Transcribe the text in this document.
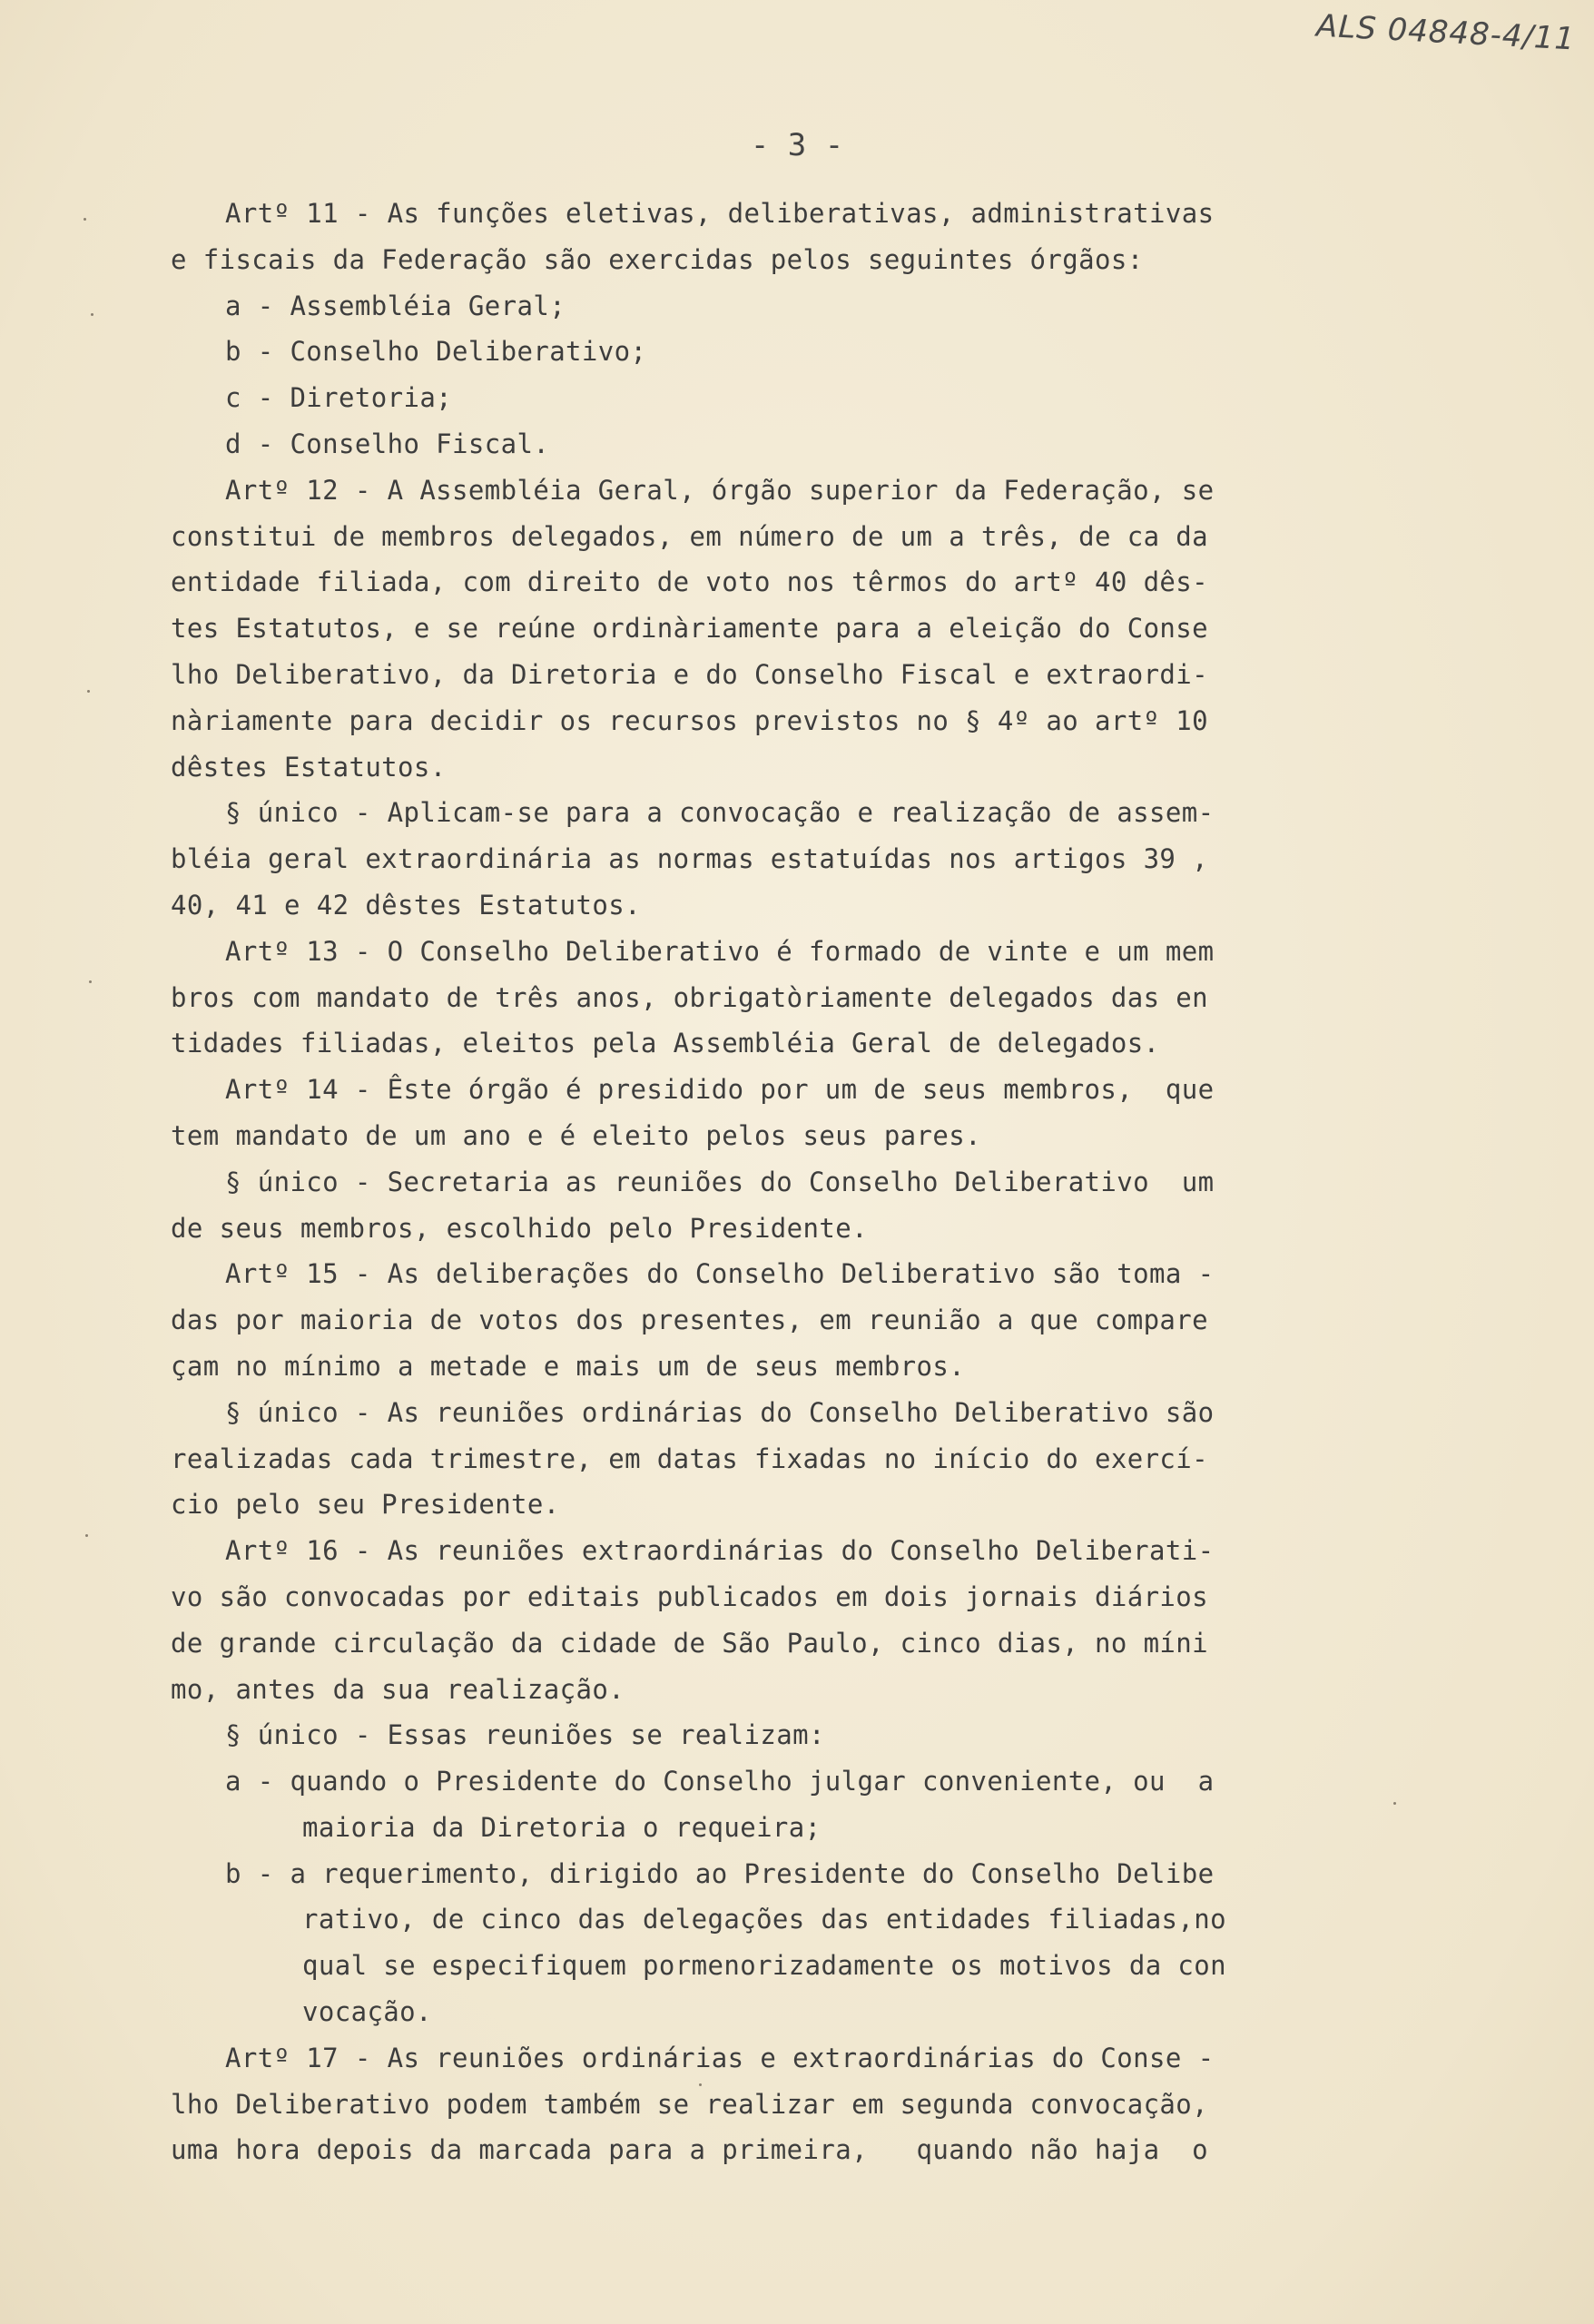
ALS 04848-4/11
- 3 -
Artº 11 - As funções eletivas, deliberativas, administrativas
e fiscais da Federação são exercidas pelos seguintes órgãos:
a - Assembléia Geral;
b - Conselho Deliberativo;
c - Diretoria;
d - Conselho Fiscal.
Artº 12 - A Assembléia Geral, órgão superior da Federação, se
constitui de membros delegados, em número de um a três, de ca da
entidade filiada, com direito de voto nos têrmos do artº 40 dês-
tes Estatutos, e se reúne ordinàriamente para a eleição do Conse
lho Deliberativo, da Diretoria e do Conselho Fiscal e extraordi-
nàriamente para decidir os recursos previstos no § 4º ao artº 10
dêstes Estatutos.
§ único - Aplicam-se para a convocação e realização de assem-
bléia geral extraordinária as normas estatuídas nos artigos 39 ,
40, 41 e 42 dêstes Estatutos.
Artº 13 - O Conselho Deliberativo é formado de vinte e um mem
bros com mandato de três anos, obrigatòriamente delegados das en
tidades filiadas, eleitos pela Assembléia Geral de delegados.
Artº 14 - Êste órgão é presidido por um de seus membros,  que
tem mandato de um ano e é eleito pelos seus pares.
§ único - Secretaria as reuniões do Conselho Deliberativo  um
de seus membros, escolhido pelo Presidente.
Artº 15 - As deliberações do Conselho Deliberativo são toma -
das por maioria de votos dos presentes, em reunião a que compare
çam no mínimo a metade e mais um de seus membros.
§ único - As reuniões ordinárias do Conselho Deliberativo são
realizadas cada trimestre, em datas fixadas no início do exercí-
cio pelo seu Presidente.
Artº 16 - As reuniões extraordinárias do Conselho Deliberati-
vo são convocadas por editais publicados em dois jornais diários
de grande circulação da cidade de São Paulo, cinco dias, no míni
mo, antes da sua realização.
§ único - Essas reuniões se realizam:
a - quando o Presidente do Conselho julgar conveniente, ou  a
maioria da Diretoria o requeira;
b - a requerimento, dirigido ao Presidente do Conselho Delibe
rativo, de cinco das delegações das entidades filiadas,no
qual se especifiquem pormenorizadamente os motivos da con
vocação.
Artº 17 - As reuniões ordinárias e extraordinárias do Conse -
lho Deliberativo podem também se realizar em segunda convocação,
uma hora depois da marcada para a primeira,   quando não haja  o
